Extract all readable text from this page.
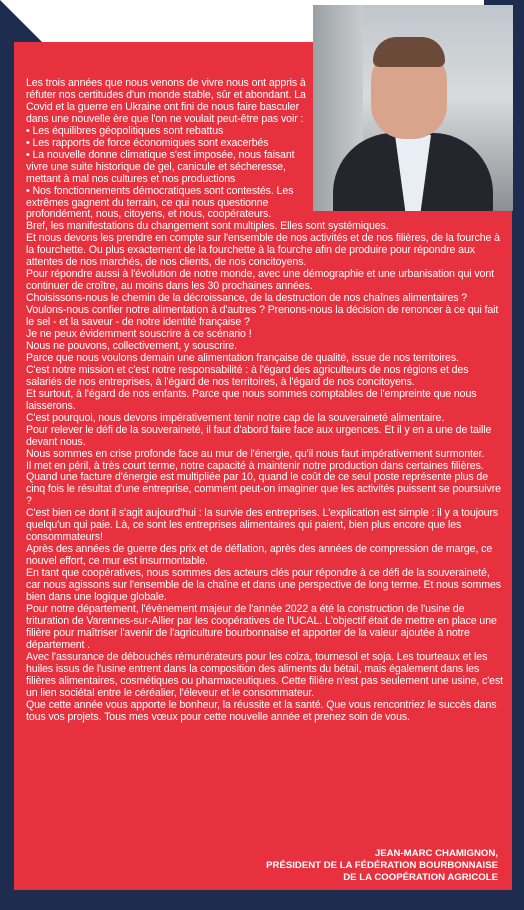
Les trois années que nous venons de vivre nous ont appris à réfuter nos certitudes d'un monde stable, sûr et abondant. La Covid et la guerre en Ukraine ont fini de nous faire basculer dans une nouvelle ère que l'on ne voulait peut-être pas voir :

• Les équilibres géopolitiques sont rebattus

• Les rapports de force économiques sont exacerbés

• La nouvelle donne climatique s'est imposée, nous faisant vivre une suite historique de gel, canicule et sécheresse, mettant à mal nos cultures et nos productions

• Nos fonctionnements démocratiques sont contestés. Les extrêmes gagnent du terrain, ce qui nous questionne profondément, nous, citoyens, et nous, coopérateurs.

Bref, les manifestations du changement sont multiples. Elles sont systémiques.

Et nous devons les prendre en compte sur l'ensemble de nos activités et de nos filières, de la fourche à la fourchette. Ou plus exactement de la fourchette à la fourche afin de produire pour répondre aux attentes de nos marchés, de nos clients, de nos concitoyens.

Pour répondre aussi à l'évolution de notre monde, avec une démographie et une urbanisation qui vont continuer de croître, au moins dans les 30 prochaines années.

Choisissons-nous le chemin de la décroissance, de la destruction de nos chaînes alimentaires ? Voulons-nous confier notre alimentation à d'autres ? Prenons-nous la décision de renoncer à ce qui fait le sel - et la saveur - de notre identité française ?

Je ne peux évidemment souscrire à ce scénario !

Nous ne pouvons, collectivement, y souscrire.

Parce que nous voulons demain une alimentation française de qualité, issue de nos territoires.

C'est notre mission et c'est notre responsabilité : à l'égard des agriculteurs de nos régions et des salariés de nos entreprises, à l'égard de nos territoires, à l'égard de nos concitoyens.

Et surtout, à l'égard de nos enfants. Parce que nous sommes comptables de l'empreinte que nous laisserons.

C'est pourquoi, nous devons impérativement tenir notre cap de la souveraineté alimentaire.

Pour relever le défi de la souveraineté, il faut d'abord faire face aux urgences. Et il y en a une de taille devant nous.

Nous sommes en crise profonde face au mur de l'énergie, qu'il nous faut impérativement surmonter.

Il met en péril, à très court terme, notre capacité à maintenir notre production dans certaines filières. Quand une facture d'énergie est multipliée par 10, quand le coût de ce seul poste représente plus de cinq fois le résultat d'une entreprise, comment peut-on imaginer que les activités puissent se poursuivre ?

C'est bien ce dont il s'agit aujourd'hui : la survie des entreprises. L'explication est simple : il y a toujours quelqu'un qui paie. Là, ce sont les entreprises alimentaires qui paient, bien plus encore que les consommateurs!

Après des années de guerre des prix et de déflation, après des années de compression de marge, ce nouvel effort, ce mur est insurmontable.

En tant que coopératives, nous sommes des acteurs clés pour répondre à ce défi de la souveraineté, car nous agissons sur l'ensemble de la chaîne et dans une perspective de long terme. Et nous sommes bien dans une logique globale.

Pour notre département, l'évènement majeur de l'année 2022 a été la construction de l'usine de trituration de Varennes-sur-Allier par les coopératives de l'UCAL. L'objectif était de mettre en place une filière pour maîtriser l'avenir de l'agriculture bourbonnaise et apporter de la valeur ajoutée à notre département .

Avec l'assurance de débouchés rémunérateurs pour les colza, tournesol et soja. Les tourteaux et les huiles issus de l'usine entrent dans la composition des aliments du bétail, mais également dans les filières alimentaires, cosmétiques ou pharmaceutiques. Cette filière n'est pas seulement une usine, c'est un lien sociétal entre le céréalier, l'éleveur et le consommateur.

Que cette année vous apporte le bonheur, la réussite et la santé. Que vous rencontriez le succès dans tous vos projets. Tous mes vœux pour cette nouvelle année et prenez soin de vous.

JEAN-MARC CHAMIGNON,
PRÉSIDENT DE LA FÉDÉRATION BOURBONNAISE
DE LA COOPÉRATION AGRICOLE
